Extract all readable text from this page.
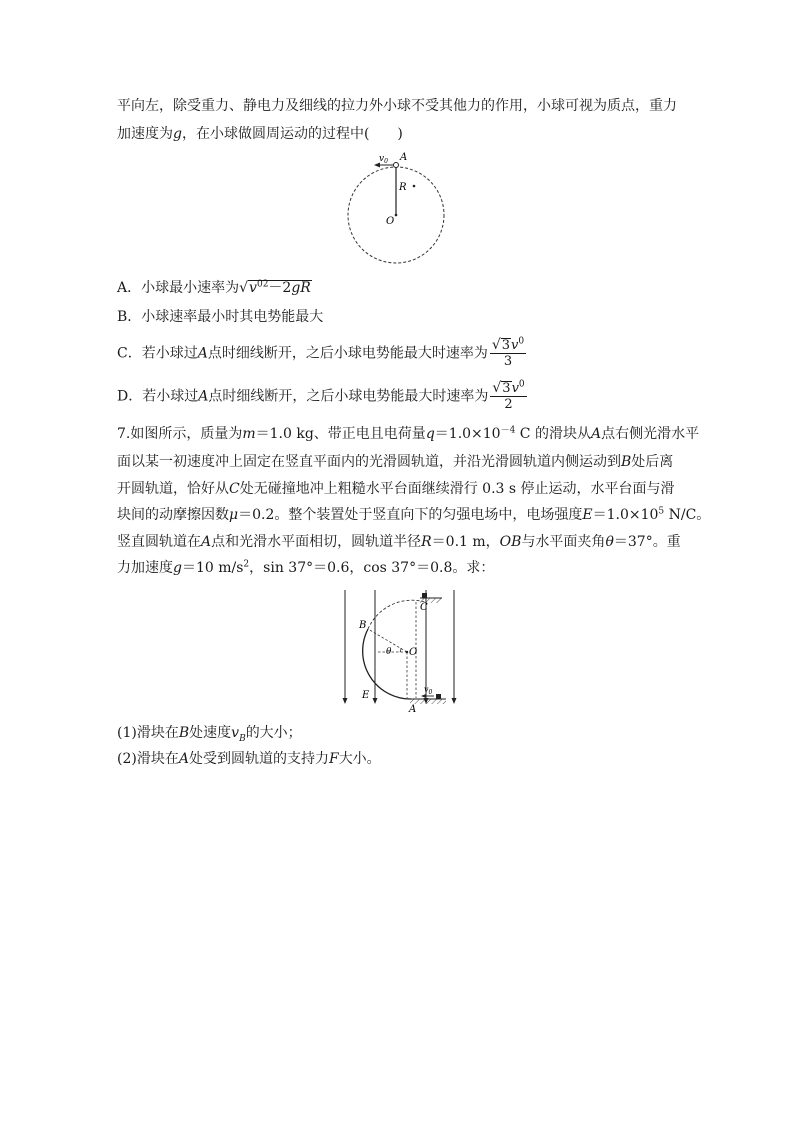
平向左，除受重力、静电力及细线的拉力外小球不受其他力的作用，小球可视为质点，重力
加速度为g，在小球做圆周运动的过程中(　　)
$v_0$ A
R
O
A．小球最小速率为$√v^{02}-2gR$
B．小球速率最小时其电势能最大
C．若小球过A点时细线断开，之后小球电势能最大时速率为 $\frac{√3v^0}{3}$
D．若小球过A点时细线断开，之后小球电势能最大时速率为 $\frac{√3v^0}{2}$
7.如图所示，质量为m＝1.0 kg、带正电且电荷量$q=1.0\times 10^{-4}$ C 的滑块从A点右侧光滑水平
面以某一初速度冲上固定在竖直平面内的光滑圆轨道，并沿光滑圆轨道内侧运动到B处后离
开圆轨道，恰好从C处无碰撞地冲上粗糙水平台面继续滑行 0.3 s 停止运动，水平台面与滑
块间的动摩擦因数μ＝0.2。整个装置处于竖直向下的匀强电场中，电场强度$E=1.0\times 10^5$ N/C。
竖直圆轨道在A点和光滑水平面相切，圆轨道半径R＝0.1 m，OB与水平面夹角θ＝37°。重
力加速度g＝10 $m/s^2$，sin 37°＝0.6，cos 37°＝0.8。求：
B
C
θ O
E
$v_0$
A
(1)滑块在B处速度$v_B$的大小；
(2)滑块在A处受到圆轨道的支持力F大小。
